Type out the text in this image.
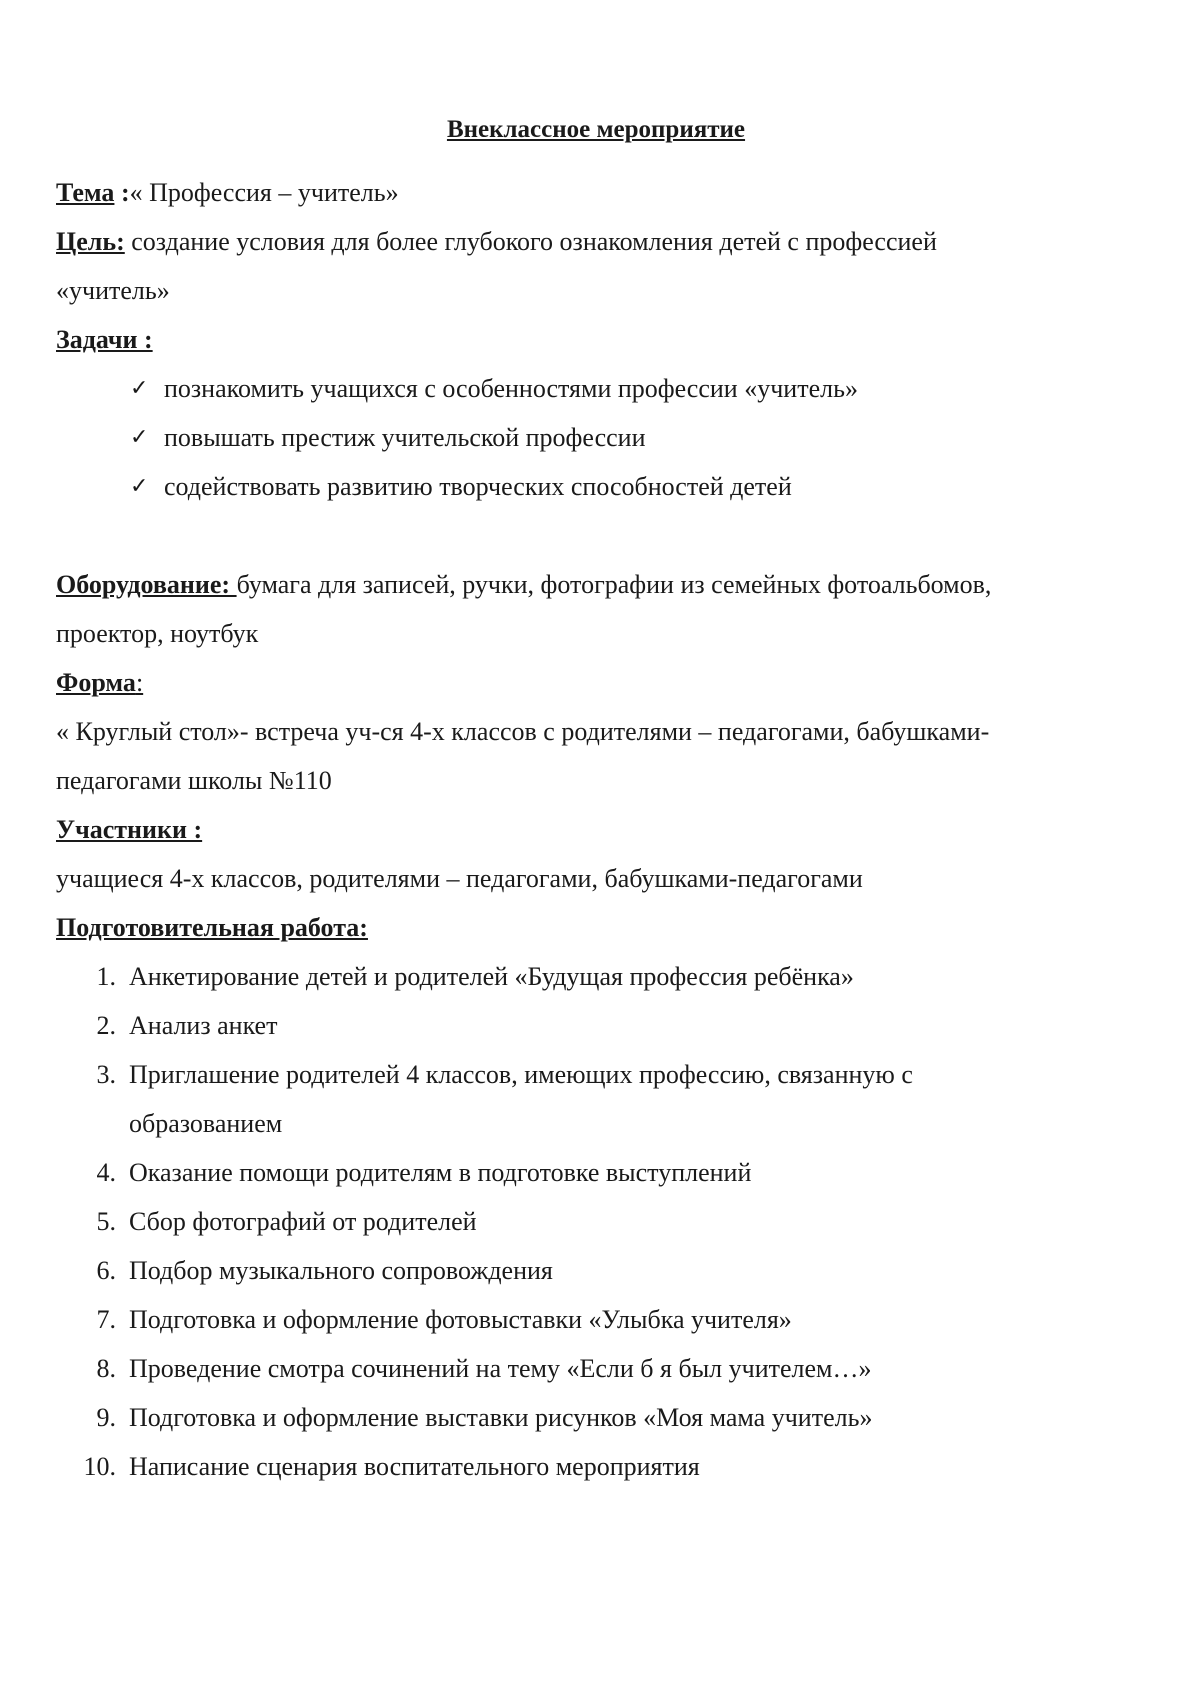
Внеклассное мероприятие

Тема :« Профессия – учитель»

Цель: создание условия для более глубокого ознакомления детей с профессией

«учитель»

Задачи :

✓ познакомить учащихся с особенностями профессии «учитель»
✓ повышать престиж учительской профессии
✓ содействовать развитию творческих способностей детей

Оборудование: бумага для записей, ручки, фотографии из семейных фотоальбомов,

проектор, ноутбук

Форма:

« Круглый стол»- встреча уч-ся 4-х классов с родителями – педагогами, бабушками-

педагогами школы №110

Участники :

учащиеся 4-х классов, родителями – педагогами, бабушками-педагогами

Подготовительная работа:

1. Анкетирование детей и родителей «Будущая профессия ребёнка»
2. Анализ анкет
3. Приглашение родителей 4 классов, имеющих профессию, связанную с
образованием
4. Оказание помощи родителям в подготовке выступлений
5. Сбор фотографий от родителей
6. Подбор музыкального сопровождения
7. Подготовка и оформление фотовыставки «Улыбка учителя»
8. Проведение смотра сочинений на тему «Если б я был учителем…»
9. Подготовка и оформление выставки рисунков «Моя мама учитель»
10. Написание сценария воспитательного мероприятия
